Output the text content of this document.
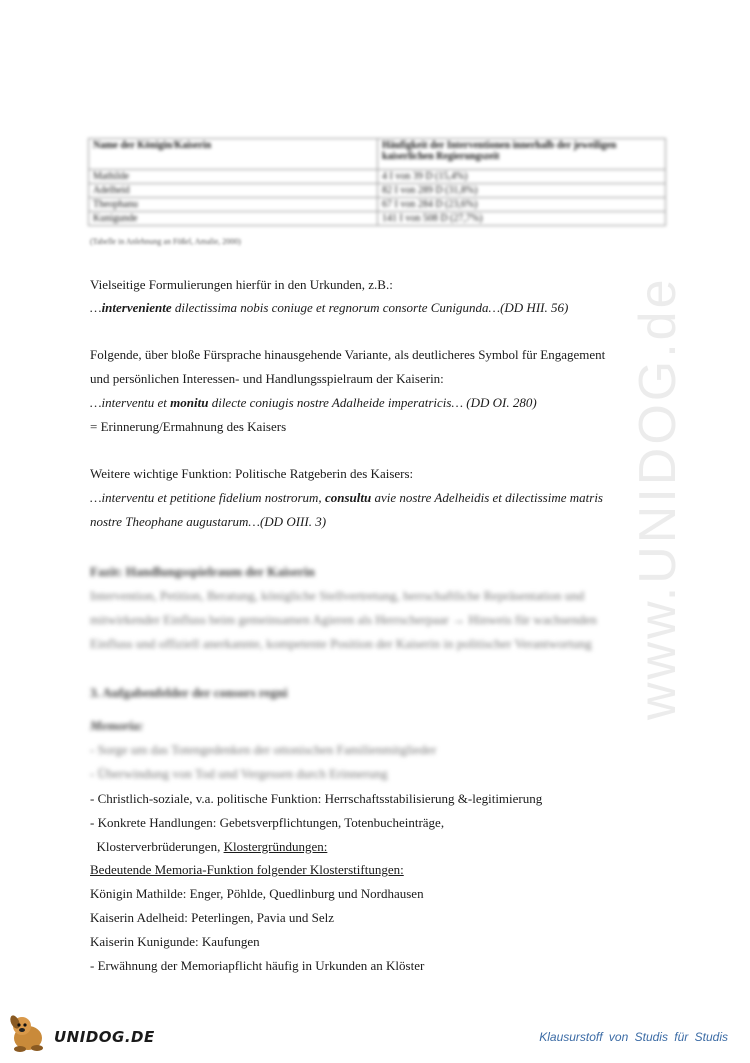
www.UNIDOG.de
Name der Königin/Kaiserin	Häufigkeit der Interventionen innerhalb der jeweiligen kaiserlichen Regierungszeit
Mathilde	4 I von 39 D (15,4%)
Adelheid	82 I von 289 D (31,8%)
Theophanu	67 I von 284 D (23,6%)
Kunigunde	141 I von 508 D (27,7%)
(Tabelle in Anlehnung an Fößel, Amalie, 2000)
Vielseitige Formulierungen hierfür in den Urkunden, z.B.:
…interveniente dilectissima nobis coniuge et regnorum consorte Cunigunda…(DD HII. 56)
Folgende, über bloße Fürsprache hinausgehende Variante, als deutlicheres Symbol für Engagement
und persönlichen Interessen- und Handlungsspielraum der Kaiserin:
…interventu et monitu dilecte coniugis nostre Adalheide imperatricis… (DD OI. 280)
= Erinnerung/Ermahnung des Kaisers
Weitere wichtige Funktion: Politische Ratgeberin des Kaisers:
…interventu et petitione fidelium nostrorum, consultu avie nostre Adelheidis et dilectissime matris
nostre Theophane augustarum…(DD OIII. 3)
Fazit: Handlungsspielraum der Kaiserin
Intervention, Petition, Beratung, königliche Stellvertretung, herrschaftliche Repräsentation und
mitwirkender Einfluss beim gemeinsamen Agieren als Herrscherpaar → Hinweis für wachsenden
Einfluss und offiziell anerkannte, kompetente Position der Kaiserin in politischer Verantwortung
3. Aufgabenfelder der consors regni
Memoria:
- Sorge um das Totengedenken der ottonischen Familienmitglieder
- Überwindung von Tod und Vergessen durch Erinnerung
- Christlich-soziale, v.a. politische Funktion: Herrschaftsstabilisierung &-legitimierung
- Konkrete Handlungen: Gebetsverpflichtungen, Totenbucheinträge,
Klosterverbrüderungen, Klostergründungen:
Bedeutende Memoria-Funktion folgender Klosterstiftungen:
Königin Mathilde: Enger, Pöhlde, Quedlinburg und Nordhausen
Kaiserin Adelheid: Peterlingen, Pavia und Selz
Kaiserin Kunigunde: Kaufungen
- Erwähnung der Memoriapflicht häufig in Urkunden an Klöster
UNIDOG.DE	Klausurstoff von Studis für Studis
